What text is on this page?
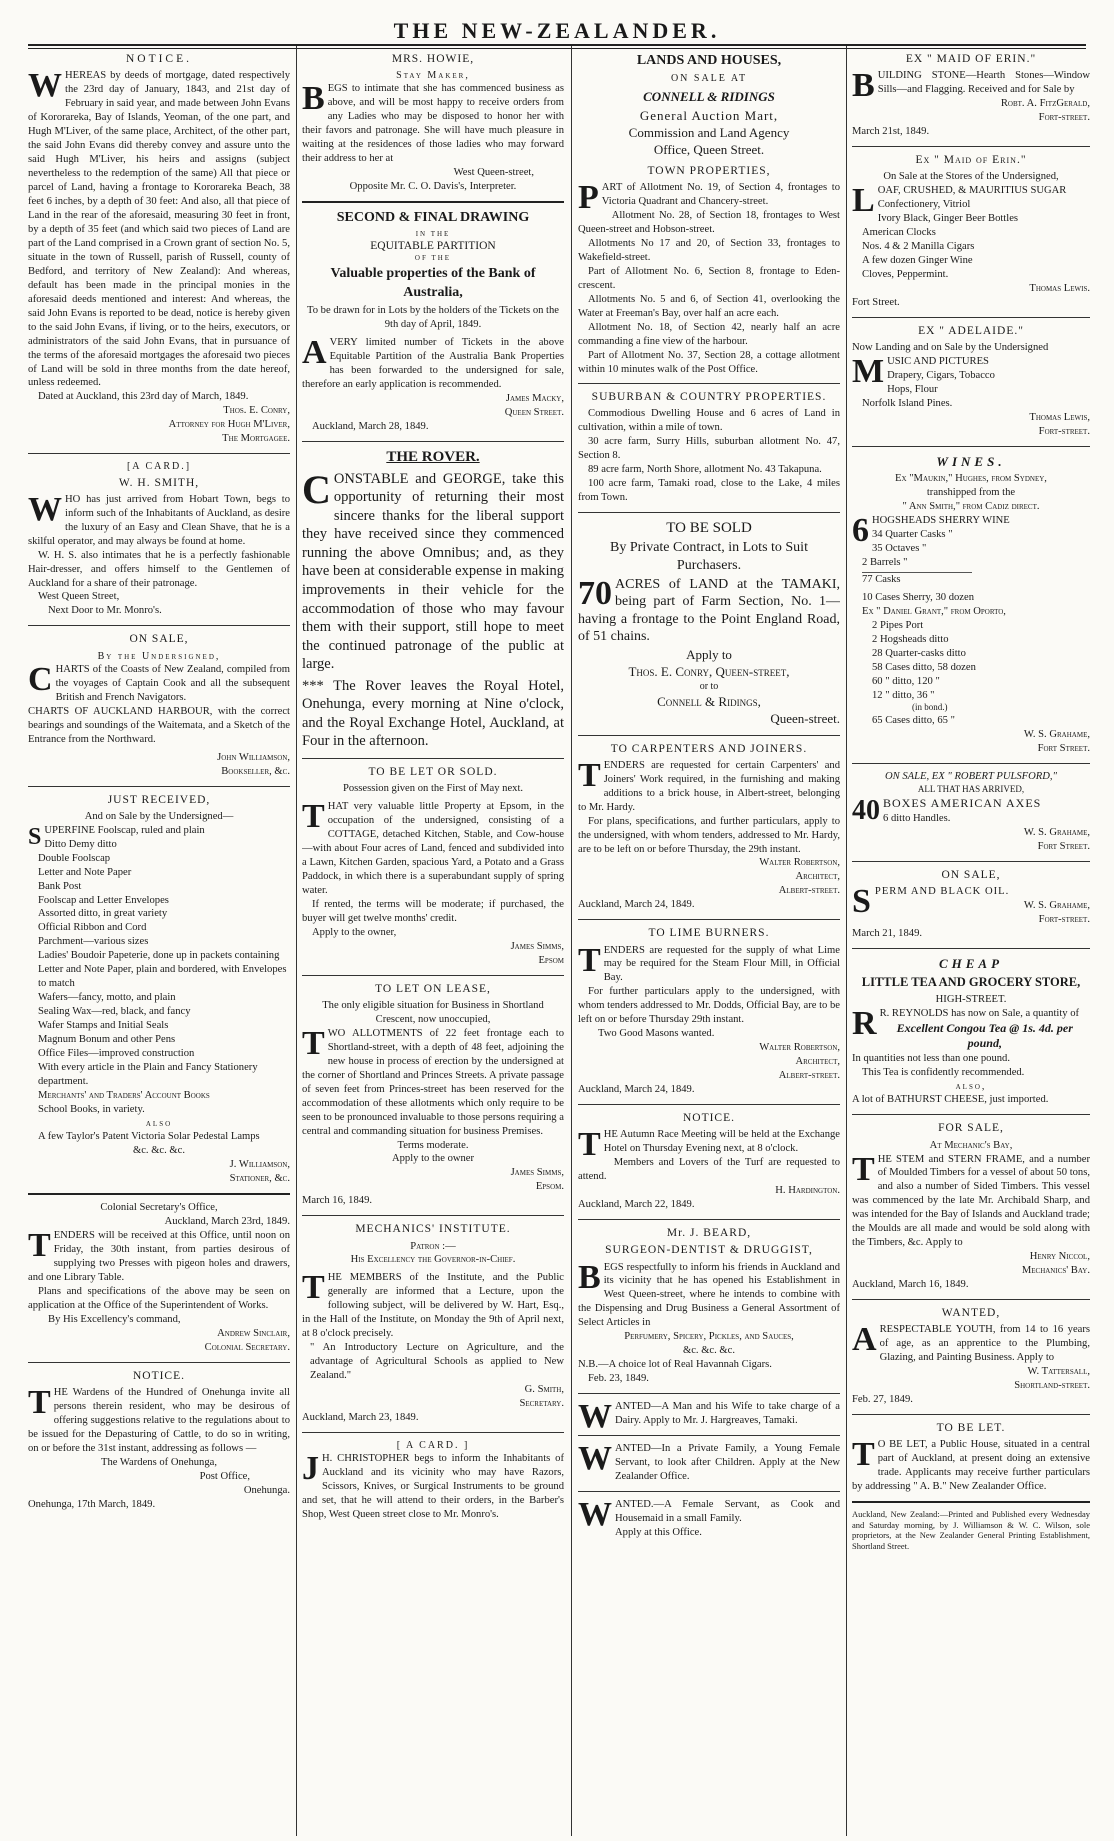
THE NEW-ZEALANDER.
NOTICE.

WHEREAS by deeds of mortgage, dated respectively the 23rd day of January, 1843, and 21st day of February in said year, and made between John Evans of Kororareka, Bay of Islands, Yeoman, of the one part, and Hugh M'Liver, of the same place, Architect, of the other part, the said John Evans did thereby convey and assure unto the said Hugh M'Liver, his heirs and assigns (subject nevertheless to the redemption of the same) All that piece or parcel of Land, having a frontage to Kororareka Beach, 38 feet 6 inches, by a depth of 30 feet: And also, all that piece of Land in the rear of the aforesaid, measuring 30 feet in front, by a depth of 35 feet (and which said two pieces of Land are part of the Land comprised in a Crown grant of section No. 5, situate in the town of Russell, parish of Russell, county of Bedford, and territory of New Zealand): And whereas, default has been made in the principal monies in the aforesaid deeds mentioned and interest: And whereas, the said John Evans is reported to be dead, notice is hereby given to the said John Evans, if living, or to the heirs, executors, or administrators of the said John Evans, that in pursuance of the terms of the aforesaid mortgages the aforesaid two pieces of Land will be sold in three months from the date hereof, unless redeemed.

Dated at Auckland, this 23rd day of March, 1849.

Thos. E. Conry,

Attorney for Hugh M'Liver,

The Mortgagee.

[A CARD.]
W. H. SMITH,

WHO has just arrived from Hobart Town, begs to inform such of the Inhabitants of Auckland, as desire the luxury of an Easy and Clean Shave, that he is a skilful operator, and may always be found at home.

W. H. S. also intimates that he is a perfectly fashionable Hair-dresser, and offers himself to the Gentlemen of Auckland for a share of their patronage.

West Queen Street,

Next Door to Mr. Monro's.

ON SALE,
By the Undersigned,

CHARTS of the Coasts of New Zealand, compiled from the voyages of Captain Cook and all the subsequent British and French Navigators.

CHARTS OF AUCKLAND HARBOUR, with the correct bearings and soundings of the Waitemata, and a Sketch of the Entrance from the Northward.

John Williamson,

Bookseller, &c.

JUST RECEIVED,
And on Sale by the Undersigned—

SUPERFINE Foolscap, ruled and plain

Ditto Demy ditto

Double Foolscap

Letter and Note Paper

Bank Post

Foolscap and Letter Envelopes

Assorted ditto, in great variety

Official Ribbon and Cord

Parchment—various sizes

Ladies' Boudoir Papeterie, done up in packets containing Letter and Note Paper, plain and bordered, with Envelopes to match

Wafers—fancy, motto, and plain

Sealing Wax—red, black, and fancy

Wafer Stamps and Initial Seals

Magnum Bonum and other Pens

Office Files—improved construction

With every article in the Plain and Fancy Stationery department.

Merchants' and Traders' Account Books

School Books, in variety.

also

A few Taylor's Patent Victoria Solar Pedestal Lamps

&c. &c. &c.

J. Williamson,

Stationer, &c.

Colonial Secretary's Office,

Auckland, March 23rd, 1849.

TENDERS will be received at this Office, until noon on Friday, the 30th instant, from parties desirous of supplying two Presses with pigeon holes and drawers, and one Library Table.

Plans and specifications of the above may be seen on application at the Office of the Superintendent of Works.

By His Excellency's command,

Andrew Sinclair,

Colonial Secretary.

NOTICE.

THE Wardens of the Hundred of Onehunga invite all persons therein resident, who may be desirous of offering suggestions relative to the regulations about to be issued for the Depasturing of Cattle, to do so in writing, on or before the 31st instant, addressing as follows —

The Wardens of Onehunga,

Post Office,

Onehunga.

Onehunga, 17th March, 1849.

MRS. HOWIE,
Stay Maker,

BEGS to intimate that she has commenced business as above, and will be most happy to receive orders from any Ladies who may be disposed to honor her with their favors and patronage. She will have much pleasure in waiting at the residences of those ladies who may forward their address to her at

West Queen-street,

Opposite Mr. C. O. Davis's, Interpreter.

SECOND & FINAL DRAWING
IN THE
EQUITABLE PARTITION
OF THE
Valuable properties of the Bank of Australia,

To be drawn for in Lots by the holders of the Tickets on the 9th day of April, 1849.

AVERY limited number of Tickets in the above Equitable Partition of the Australia Bank Properties has been forwarded to the undersigned for sale, therefore an early application is recommended.

James Macky,

Queen Street.

Auckland, March 28, 1849.

THE ROVER.

CONSTABLE and GEORGE, take this opportunity of returning their most sincere thanks for the liberal support they have received since they commenced running the above Omnibus; and, as they have been at considerable expense in making improvements in their vehicle for the accommodation of those who may favour them with their support, still hope to meet the continued patronage of the public at large.

*** The Rover leaves the Royal Hotel, Onehunga, every morning at Nine o'clock, and the Royal Exchange Hotel, Auckland, at Four in the afternoon.

TO BE LET OR SOLD.

Possession given on the First of May next.

THAT very valuable little Property at Epsom, in the occupation of the undersigned, consisting of a COTTAGE, detached Kitchen, Stable, and Cow-house—with about Four acres of Land, fenced and subdivided into a Lawn, Kitchen Garden, spacious Yard, a Potato and a Grass Paddock, in which there is a superabundant supply of spring water.

If rented, the terms will be moderate; if purchased, the buyer will get twelve months' credit.

Apply to the owner,

James Simms,

Epsom

TO LET ON LEASE,

The only eligible situation for Business in Shortland Crescent, now unoccupied,

TWO ALLOTMENTS of 22 feet frontage each to Shortland-street, with a depth of 48 feet, adjoining the new house in process of erection by the undersigned at the corner of Shortland and Princes Streets. A private passage of seven feet from Princes-street has been reserved for the accommodation of these allotments which only require to be seen to be pronounced invaluable to those persons requiring a central and commanding situation for business Premises.

Terms moderate.

Apply to the owner

James Simms,

Epsom.

March 16, 1849.

MECHANICS' INSTITUTE.

Patron :—

His Excellency the Governor-in-Chief.

THE MEMBERS of the Institute, and the Public generally are informed that a Lecture, upon the following subject, will be delivered by W. Hart, Esq., in the Hall of the Institute, on Monday the 9th of April next, at 8 o'clock precisely.

" An Introductory Lecture on Agriculture, and the advantage of Agricultural Schools as applied to New Zealand."

G. Smith,

Secretary.

Auckland, March 23, 1849.

[ A CARD. ]

J H. CHRISTOPHER begs to inform the Inhabitants of Auckland and its vicinity who may have Razors, Scissors, Knives, or Surgical Instruments to be ground and set, that he will attend to their orders, in the Barber's Shop, West Queen street close to Mr. Monro's.

LANDS AND HOUSES,
ON SALE AT
CONNELL & RIDINGS
General Auction Mart,
Commission and Land Agency
Office, Queen Street.
TOWN PROPERTIES,

PART of Allotment No. 19, of Section 4, frontages to Victoria Quadrant and Chancery-street.

Allotment No. 28, of Section 18, frontages to West Queen-street and Hobson-street.

Allotments No 17 and 20, of Section 33, frontages to Wakefield-street.

Part of Allotment No. 6, Section 8, frontage to Eden-crescent.

Allotments No. 5 and 6, of Section 41, overlooking the Water at Freeman's Bay, over half an acre each.

Allotment No. 18, of Section 42, nearly half an acre commanding a fine view of the harbour.

Part of Allotment No. 37, Section 28, a cottage allotment within 10 minutes walk of the Post Office.

SUBURBAN & COUNTRY PROPERTIES.

Commodious Dwelling House and 6 acres of Land in cultivation, within a mile of town.

30 acre farm, Surry Hills, suburban allotment No. 47, Section 8.

89 acre farm, North Shore, allotment No. 43 Takapuna.

100 acre farm, Tamaki road, close to the Lake, 4 miles from Town.

TO BE SOLD
By Private Contract, in Lots to Suit Purchasers.

70 ACRES of LAND at the TAMAKI, being part of Farm Section, No. 1—having a frontage to the Point England Road, of 51 chains.

Apply to

Thos. E. Conry, Queen-street,

or to

Connell & Ridings,

Queen-street.

TO CARPENTERS AND JOINERS.

TENDERS are requested for certain Carpenters' and Joiners' Work required, in the furnishing and making additions to a brick house, in Albert-street, belonging to Mr. Hardy.

For plans, specifications, and further particulars, apply to the undersigned, with whom tenders, addressed to Mr. Hardy, are to be left on or before Thursday, the 29th instant.

Walter Robertson,

Architect,

Albert-street.

Auckland, March 24, 1849.

TO LIME BURNERS.

TENDERS are requested for the supply of what Lime may be required for the Steam Flour Mill, in Official Bay.

For further particulars apply to the undersigned, with whom tenders addressed to Mr. Dodds, Official Bay, are to be left on or before Thursday 29th instant.

Two Good Masons wanted.

Walter Robertson,

Architect,

Albert-street.

Auckland, March 24, 1849.

NOTICE.

THE Autumn Race Meeting will be held at the Exchange Hotel on Thursday Evening next, at 8 o'clock.

Members and Lovers of the Turf are requested to attend.

H. Hardington.

Auckland, March 22, 1849.

Mr. J. BEARD,
SURGEON-DENTIST & DRUGGIST,

BEGS respectfully to inform his friends in Auckland and its vicinity that he has opened his Establishment in West Queen-street, where he intends to combine with the Dispensing and Drug Business a General Assortment of Select Articles in

Perfumery, Spicery, Pickles, and Sauces,

&c. &c. &c.

N.B.—A choice lot of Real Havannah Cigars.

Feb. 23, 1849.

WANTED—A Man and his Wife to take charge of a Dairy. Apply to Mr. J. Hargreaves, Tamaki.

WANTED—In a Private Family, a Young Female Servant, to look after Children. Apply at the New Zealander Office.

WANTED.—A Female Servant, as Cook and Housemaid in a small Family.

Apply at this Office.

EX " MAID OF ERIN."

BUILDING STONE—Hearth Stones—Window Sills—and Flagging. Received and for Sale by

Robt. A. FitzGerald,

Fort-street.

March 21st, 1849.

Ex " Maid of Erin."

On Sale at the Stores of the Undersigned,

LOAF, CRUSHED, & MAURITIUS SUGAR

Confectionery, Vitriol

Ivory Black, Ginger Beer Bottles

American Clocks

Nos. 4 & 2 Manilla Cigars

A few dozen Ginger Wine

Cloves, Peppermint.

Thomas Lewis.

Fort Street.

EX " ADELAIDE."

Now Landing and on Sale by the Undersigned

MUSIC AND PICTURES

Drapery, Cigars, Tobacco

Hops, Flour

Norfolk Island Pines.

Thomas Lewis,

Fort-street.

WINES.

Ex "Maukin," Hughes, from Sydney,

transhipped from the

" Ann Smith," from Cadiz direct.

6 HOGSHEADS SHERRY WINE

34 Quarter Casks "

35 Octaves "

2 Barrels "

77 Casks

10 Cases Sherry, 30 dozen

Ex " Daniel Grant," from Oporto,

2 Pipes Port

2 Hogsheads ditto

28 Quarter-casks ditto

58 Cases ditto, 58 dozen

60 " ditto, 120 "

12 " ditto, 36 "

(in bond.)

65 Cases ditto, 65 "

W. S. Grahame,

Fort Street.

ON SALE, EX " ROBERT PULSFORD,"

ALL THAT HAS ARRIVED,

40 BOXES AMERICAN AXES

6 ditto Handles.

W. S. Grahame,

Fort Street.

ON SALE,

SPERM AND BLACK OIL.

W. S. Grahame,

Fort-street.

March 21, 1849.

CHEAP
LITTLE TEA AND GROCERY STORE,
HIGH-STREET.

R R. REYNOLDS has now on Sale, a quantity of

Excellent Congou Tea @ 1s. 4d. per pound,

In quantities not less than one pound.

This Tea is confidently recommended.

also,

A lot of BATHURST CHEESE, just imported.

FOR SALE,
At Mechanic's Bay,

THE STEM and STERN FRAME, and a number of Moulded Timbers for a vessel of about 50 tons, and also a number of Sided Timbers. This vessel was commenced by the late Mr. Archibald Sharp, and was intended for the Bay of Islands and Auckland trade; the Moulds are all made and would be sold along with the Timbers, &c. Apply to

Henry Niccol,

Mechanics' Bay.

Auckland, March 16, 1849.

WANTED,

ARESPECTABLE YOUTH, from 14 to 16 years of age, as an apprentice to the Plumbing, Glazing, and Painting Business. Apply to

W. Tattersall,

Shortland-street.

Feb. 27, 1849.

TO BE LET.

T O BE LET, a Public House, situated in a central part of Auckland, at present doing an extensive trade. Applicants may receive further particulars by addressing " A. B." New Zealander Office.

Auckland, New Zealand:—Printed and Published every Wednesday and Saturday morning, by J. Williamson & W. C. Wilson, sole proprietors, at the New Zealander General Printing Establishment, Shortland Street.
